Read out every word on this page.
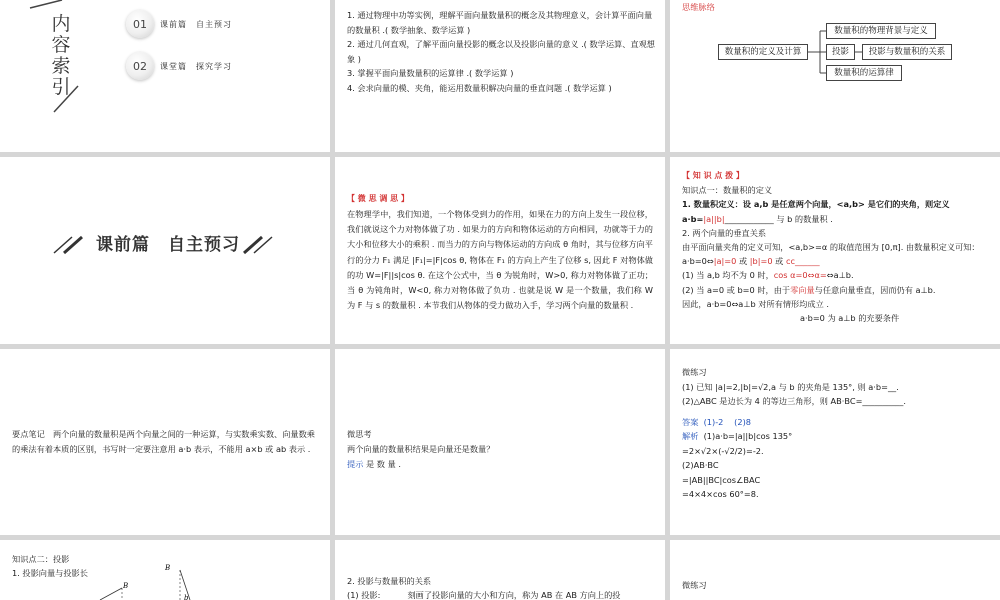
内容索引
01	课前篇　自主预习
02	课堂篇　探究学习
1. 通过物理中功等实例，理解平面向量数量积的概念及其物理意义，会计算平面向量的数量积 .( 数学抽象、数学运算 )
2. 通过几何直观，了解平面向量投影的概念以及投影向量的意义 .( 数学运算、直观想象 )
3. 掌握平面向量数量积的运算律 .( 数学运算 )
4. 会求向量的模、夹角，能运用数量积解决向量的垂直问题 .( 数学运算 )
思维脉络
数量积的定义及计算
数量积的物理背景与定义
投影	投影与数量积的关系
数量积的运算律
课前篇　自主预习
【 微 思 调 思 】
在物理学中，我们知道，一个物体受到力的作用，如果在力的方向上发生一段位移，我们就说这个力对物体做了功 . 如果力的方向和物体运动的方向相同，功就等于力的大小和位移大小的乘积 . 而当力的方向与物体运动的方向成 θ 角时，其与位移方向平行的分力 F₁ 满足 |F₁|=|F|cos θ, 物体在 F₁ 的方向上产生了位移 s, 因此 F 对物体做的功 W=|F||s|cos θ. 在这个公式中，当 θ 为锐角时，W>0, 称力对物体做了正功；当 θ 为钝角时，W<0, 称力对物体做了负功 . 也就是说 W 是一个数量，我们称 W 为 F 与 s 的数量积 . 本节我们从物体的受力做功入手，学习两个向量的数量积 .
【 知 识 点 拨 】
知识点一：数量积的定义
1. 数量积定义：设 a,b 是任意两个向量，<a,b> 是它们的夹角，则定义 a·b=|a||b|____________ 与 b 的数量积 .
2. 两个向量的垂直关系
由平面向量夹角的定义可知，<a,b>=α 的取值范围为 [0,π]. 由数量积定义可知：
a·b=0⇔|a|=0 或 |b|=0 或 cc______
(1) 当 a,b 均不为 0 时，cos α=0⇔α=⇔a⊥b.
(2) 当 a=0 或 b=0 时，由于零向量与任意向量垂直，因而仍有 a⊥b.
因此，a·b=0⇔a⊥b 对所有情形均成立 .
a·b=0 为 a⊥b 的充要条件
要点笔记　两个向量的数量积是两个向量之间的一种运算，与实数乘实数、向量数乘的乘法有着本质的区别，书写时一定要注意用 a·b 表示，不能用 a×b 或 ab 表示 .
微思考
两个向量的数量积结果是向量还是数量？
提示 是 数 量 .
微练习
(1) 已知 |a|=2,|b|=√2,a 与 b 的夹角是 135°, 则 a·b=__.
(2)△ABC 是边长为 4 的等边三角形，则 AB·BC=__________.
答案 (1)-2　 (2)8
解析 (1)a·b=|a||b|cos 135°
=2×√2×(-√2/2)=-2.
(2)AB·BC
=|AB||BC|cos∠BAC
=4×4×cos 60°=8.
知识点二：投影
1. 投影向量与投影长
B
B
b
2. 投影与数量积的关系
(1) 投影:　　　 刻画了投影向量的大小和方向，称为 AB 在 AB 方向上的投
微练习
